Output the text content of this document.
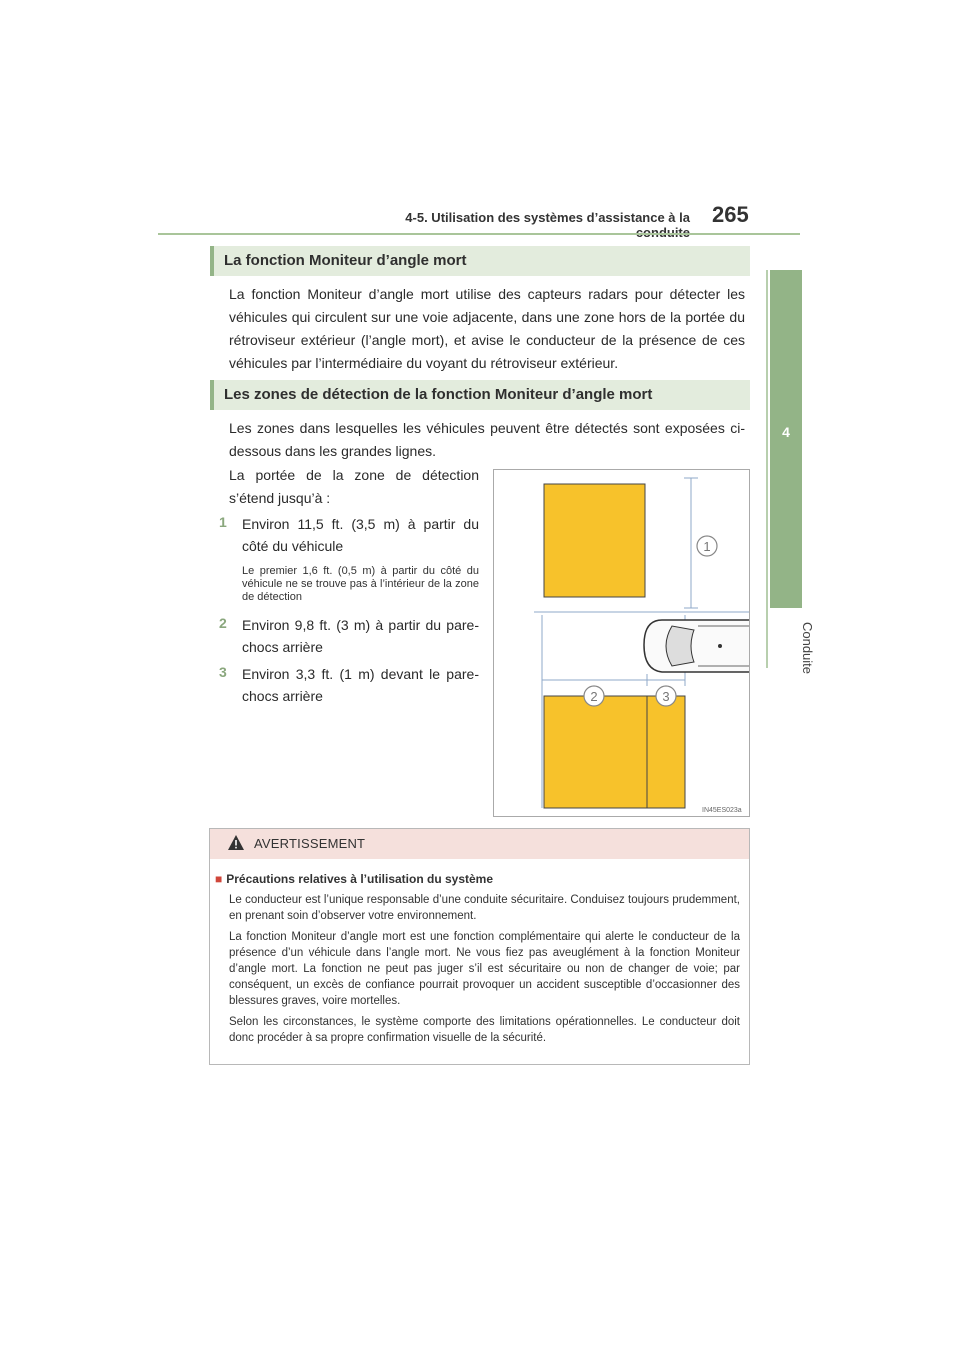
4-5. Utilisation des systèmes d’assistance à la 265
4
Conduite
La fonction Moniteur d’angle mort
La fonction Moniteur d’angle mort utilise des capteurs radars pour détecter les véhicules qui circulent sur une voie adjacente, dans une zone hors de la portée du rétroviseur extérieur (l’angle mort), et avise le conducteur de la présence de ces véhicules par l’intermédiaire du voyant du rétroviseur extérieur.
Les zones de détection de la fonction Moniteur d’angle mort
Les zones dans lesquelles les véhicules peuvent être détectés sont exposées ci-dessous dans les grandes lignes.
La portée de la zone de détection s’étend jusqu’à :
1	Environ 11,5 ft. (3,5 m) à partir du côté du véhicule
Le premier 1,6 ft. (0,5 m) à partir du côté du véhicule ne se trouve pas à l’intérieur de la zone de détection
2	Environ 9,8 ft. (3 m) à partir du pare-chocs arrière
3	Environ 3,3 ft. (1 m) devant le pare-chocs arrière
1
2	3
IN45ES023a
AVERTISSEMENT
■ Précautions relatives à l’utilisation du système
Le conducteur est l’unique responsable d’une conduite sécuritaire. Conduisez toujours prudemment, en prenant soin d’observer votre environnement.
La fonction Moniteur d’angle mort est une fonction complémentaire qui alerte le conducteur de la présence d’un véhicule dans l’angle mort. Ne vous fiez pas aveuglément à la fonction Moniteur d’angle mort. La fonction ne peut pas juger s’il est sécuritaire ou non de changer de voie; par conséquent, un excès de confiance pourrait provoquer un accident susceptible d’occasionner des blessures graves, voire mortelles.
Selon les circonstances, le système comporte des limitations opérationnelles. Le conducteur doit donc procéder à sa propre confirmation visuelle de la sécurité.
